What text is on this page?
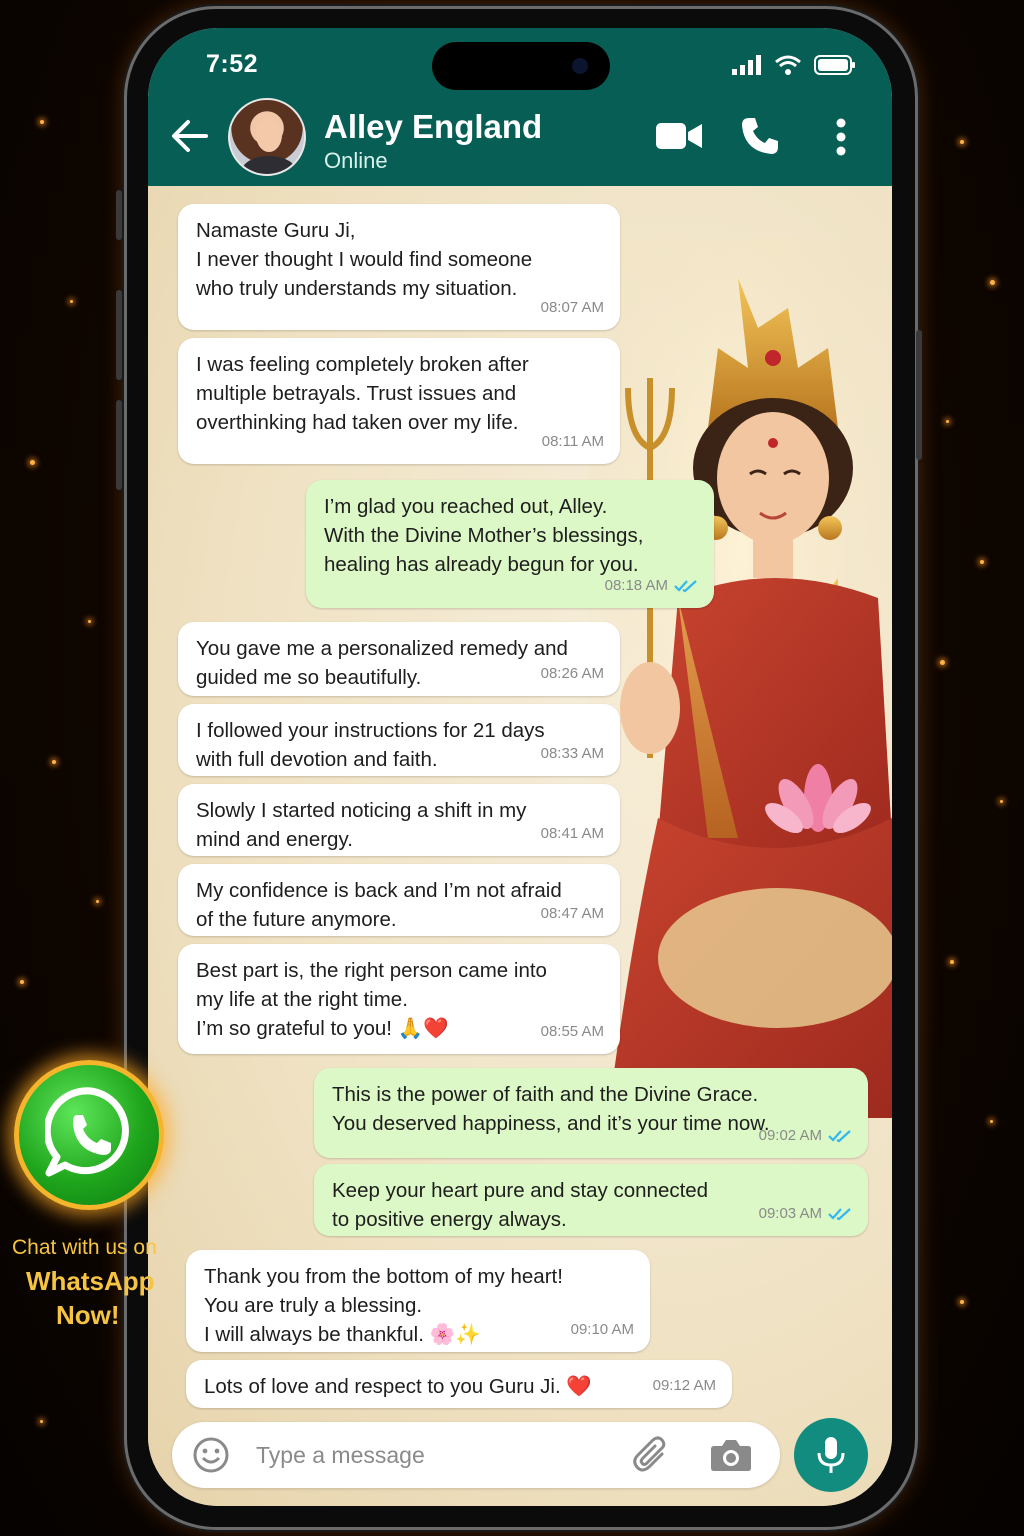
7:52
Alley England
Online
Namaste Guru Ji,
I never thought I would find someone
who truly understands my situation.
08:07 AM
I was feeling completely broken after
multiple betrayals. Trust issues and
overthinking had taken over my life.
08:11 AM
I’m glad you reached out, Alley.
With the Divine Mother’s blessings,
healing has already begun for you.
08:18 AM
You gave me a personalized remedy and
guided me so beautifully.	08:26 AM
I followed your instructions for 21 days
with full devotion and faith.	08:33 AM
Slowly I started noticing a shift in my
mind and energy.	08:41 AM
My confidence is back and I’m not afraid
of the future anymore.	08:47 AM
Best part is, the right person came into
my life at the right time.
I’m so grateful to you! 🙏❤️	08:55 AM
This is the power of faith and the Divine Grace.
You deserved happiness, and it’s your time now.
09:02 AM
Keep your heart pure and stay connected
to positive energy always.	09:03 AM
Thank you from the bottom of my heart!
You are truly a blessing.
I will always be thankful. 🌸✨	09:10 AM
Lots of love and respect to you Guru Ji. ❤️	09:12 AM
Type a message
Chat with us on
WhatsApp
Now!
